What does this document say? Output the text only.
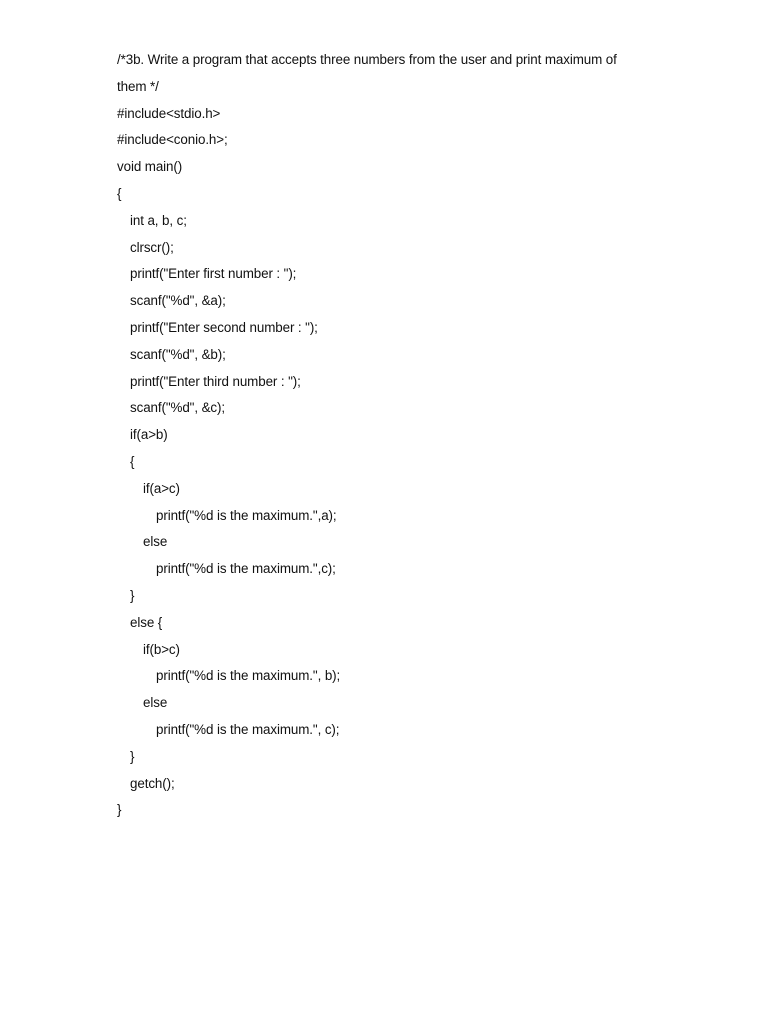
/*3b. Write a program that accepts three numbers from the user and print maximum of
them */
#include<stdio.h>
#include<conio.h>;
void main()
{
int a, b, c;
clrscr();
printf("Enter first number : ");
scanf("%d", &a);
printf("Enter second number : ");
scanf("%d", &b);
printf("Enter third number : ");
scanf("%d", &c);
if(a>b)
{
if(a>c)
printf("%d is the maximum.",a);
else
printf("%d is the maximum.",c);
}
else {
if(b>c)
printf("%d is the maximum.", b);
else
printf("%d is the maximum.", c);
}
getch();
}
